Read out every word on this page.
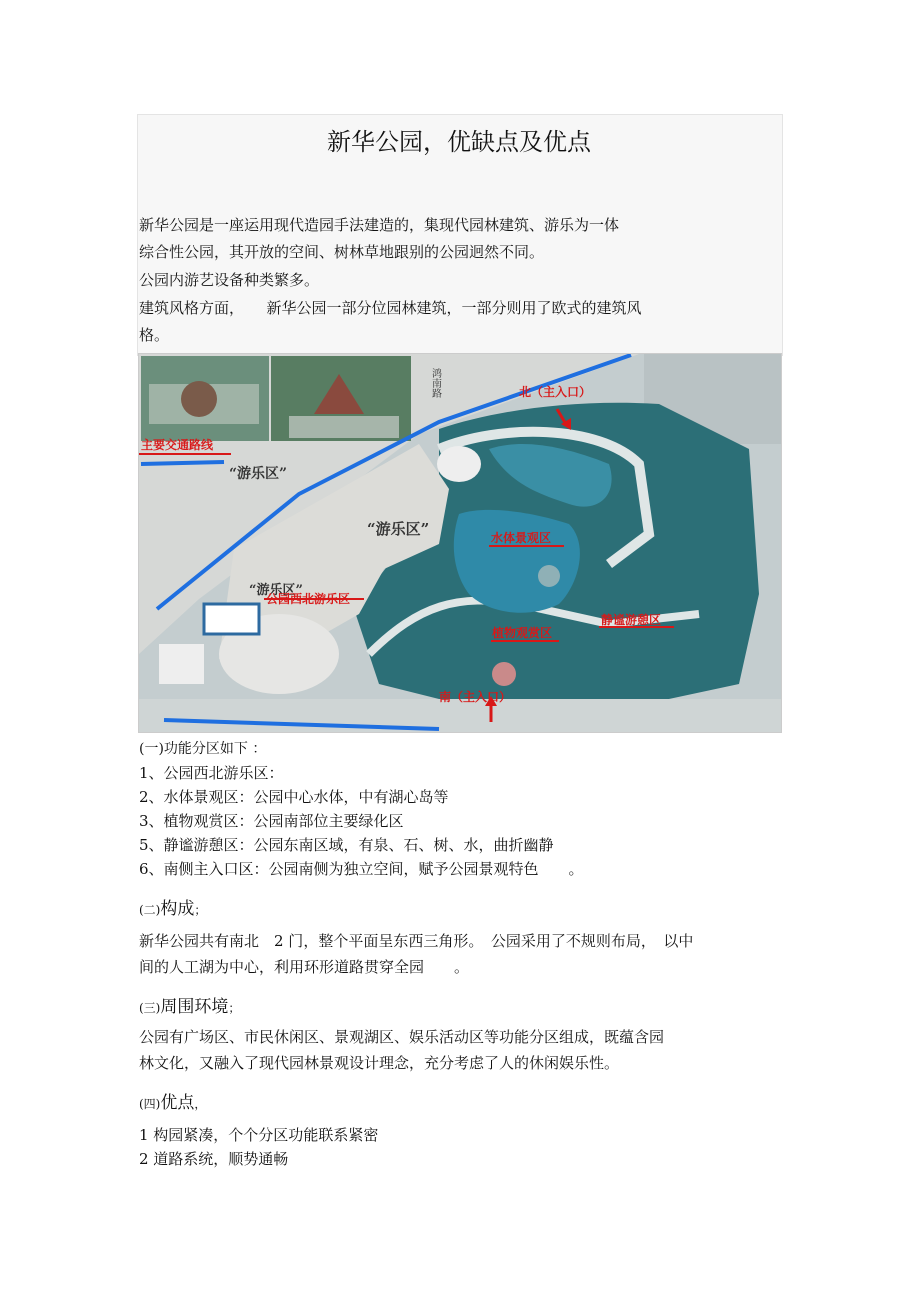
新华公园，优缺点及优点
新华公园是一座运用现代造园手法建造的，集现代园林建筑、游乐为一体
综合性公园，其开放的空间、树林草地跟别的公园迥然不同。
公园内游艺设备种类繁多。
建筑风格方面，　　新华公园一部分位园林建筑，一部分则用了欧式的建筑风
格。
主要交通路线
北（主入口）
南（主入口）
“游乐区”
“游乐区”
“游乐区”
公园西北游乐区
水体景观区
植物观赏区
静谧游憩区
鸿南路
(一)功能分区如下 ：
1、公园西北游乐区：
2、水体景观区：公园中心水体，中有湖心岛等
3、植物观赏区：公园南部位主要绿化区
5、静谧游憩区：公园东南区域，有泉、石、树、水，曲折幽静
6、南侧主入口区：公园南侧为独立空间，赋予公园景观特色　　。
(二)构成；
新华公园共有南北　2 门，整个平面呈东西三角形。　公园采用了不规则布局，　以中
间的人工湖为中心，利用环形道路贯穿全园　　。
(三)周围环境；
公园有广场区、市民休闲区、景观湖区、娱乐活动区等功能分区组成，既蕴含园
林文化，又融入了现代园林景观设计理念，充分考虑了人的休闲娱乐性。
(四)优点，
1 构园紧凑，个个分区功能联系紧密
2 道路系统，顺势通畅
